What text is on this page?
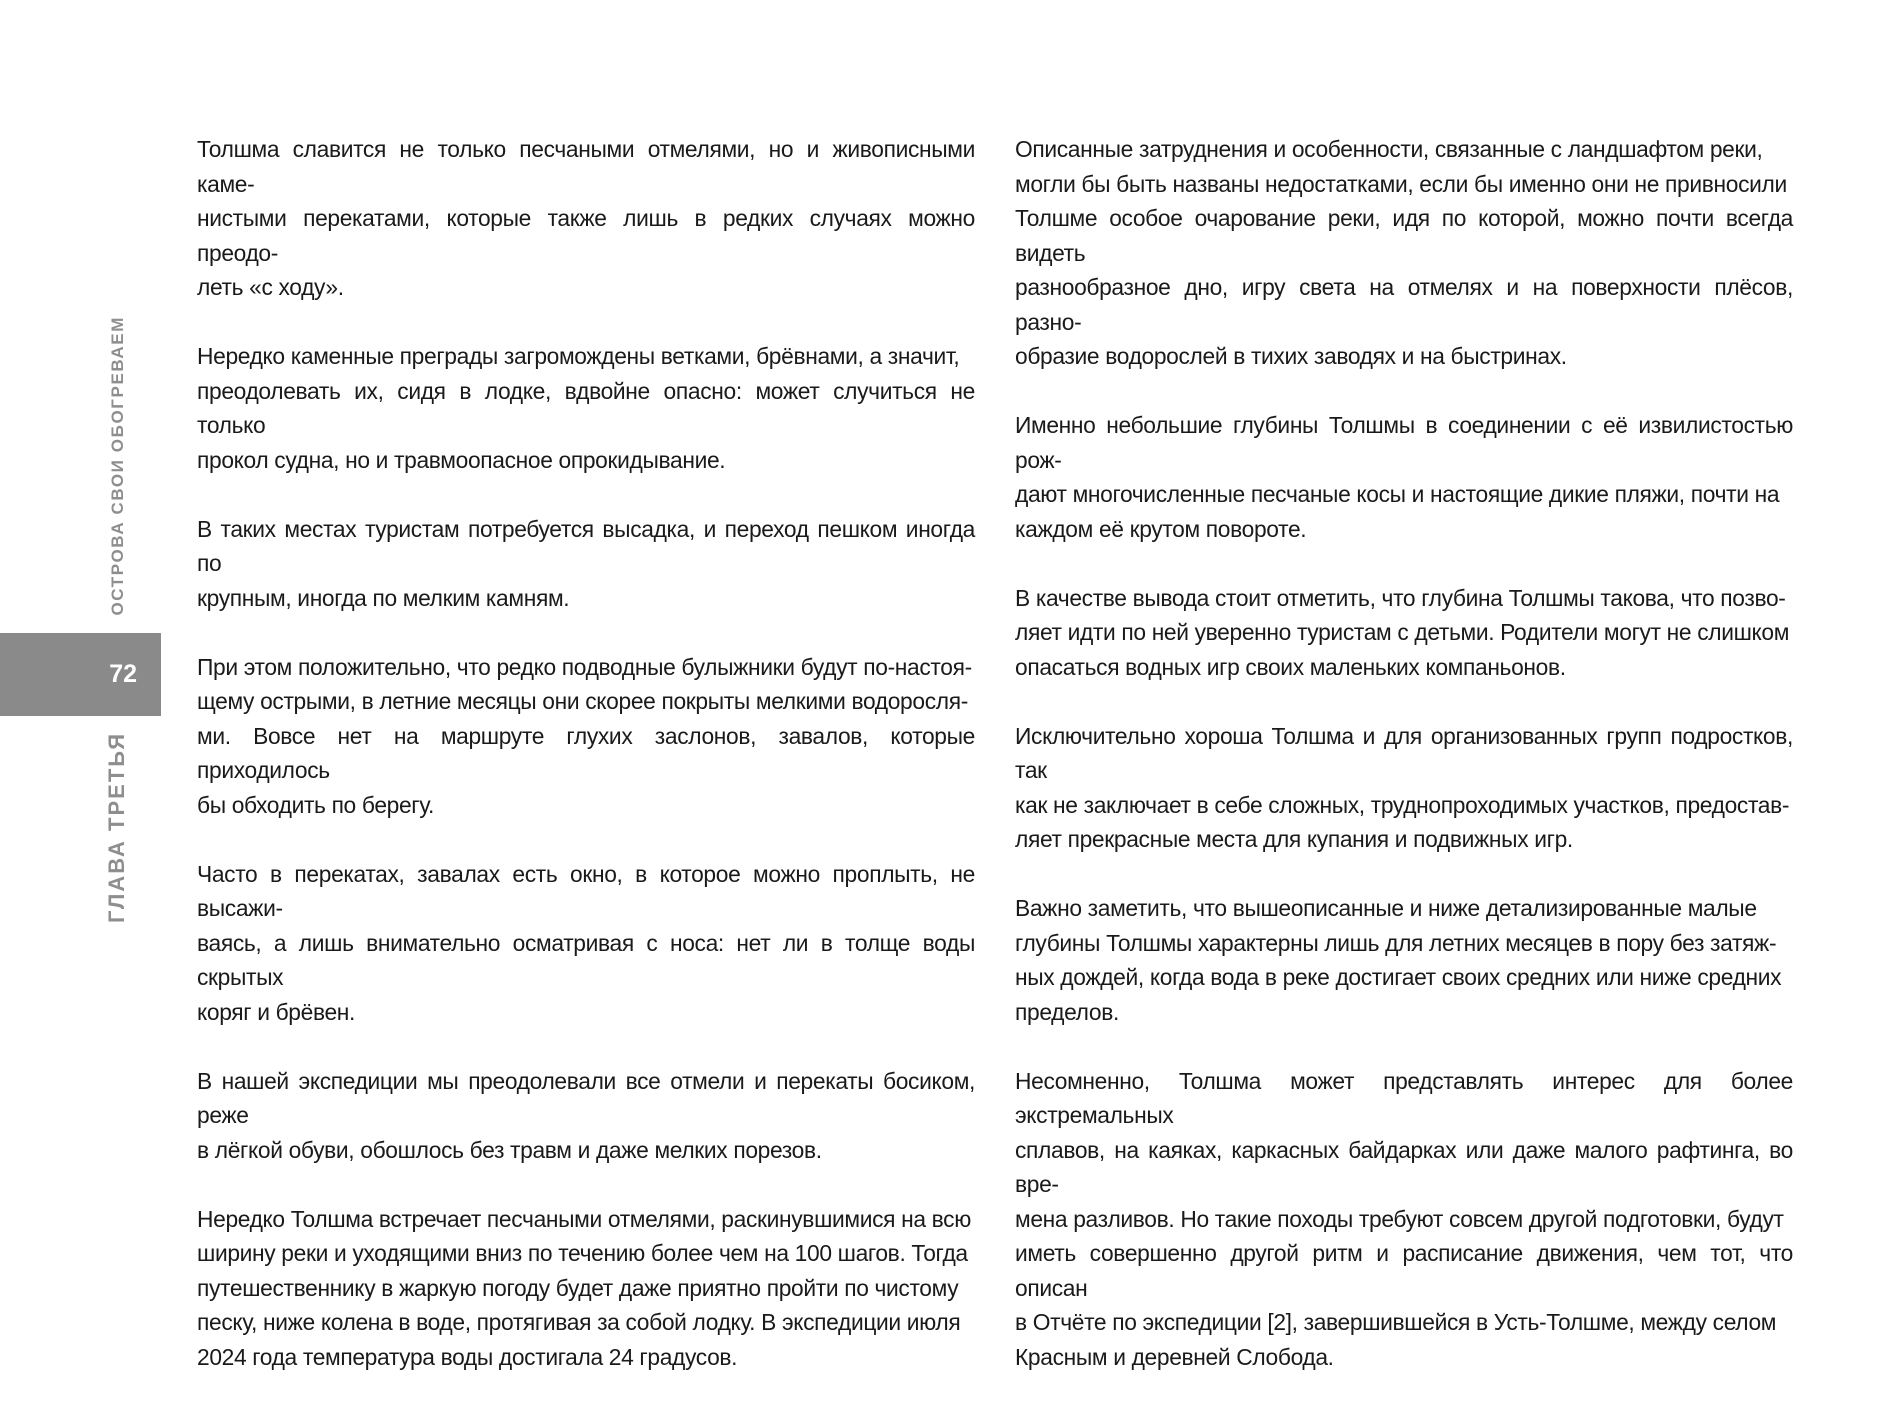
ОСТРОВА СВОИ ОБОГРЕВАЕМ
72
ГЛАВА ТРЕТЬЯ

Толшма славится не только песчаными отмелями, но и живописными каме-
нистыми перекатами, которые также лишь в редких случаях можно преодо-
леть «с ходу».

Нередко каменные преграды загромождены ветками, брёвнами, а значит,
преодолевать их, сидя в лодке, вдвойне опасно: может случиться не только
прокол судна, но и травмоопасное опрокидывание.

В таких местах туристам потребуется высадка, и переход пешком иногда по
крупным, иногда по мелким камням.

При этом положительно, что редко подводные булыжники будут по-настоя-
щему острыми, в летние месяцы они скорее покрыты мелкими водоросля-
ми. Вовсе нет на маршруте глухих заслонов, завалов, которые приходилось
бы обходить по берегу.

Часто в перекатах, завалах есть окно, в которое можно проплыть, не высажи-
ваясь, а лишь внимательно осматривая с носа: нет ли в толще воды скрытых
коряг и брёвен.

В нашей экспедиции мы преодолевали все отмели и перекаты босиком, реже
в лёгкой обуви, обошлось без травм и даже мелких порезов.

Нередко Толшма встречает песчаными отмелями, раскинувшимися на всю
ширину реки и уходящими вниз по течению более чем на 100 шагов. Тогда
путешественнику в жаркую погоду будет даже приятно пройти по чистому
песку, ниже колена в воде, протягивая за собой лодку. В экспедиции июля
2024 года температура воды достигала 24 градусов.

Описанные затруднения и особенности, связанные с ландшафтом реки,
могли бы быть названы недостатками, если бы именно они не привносили
Толшме особое очарование реки, идя по которой, можно почти всегда видеть
разнообразное дно, игру света на отмелях и на поверхности плёсов, разно-
образие водорослей в тихих заводях и на быстринах.

Именно небольшие глубины Толшмы в соединении с её извилистостью рож-
дают многочисленные песчаные косы и настоящие дикие пляжи, почти на
каждом её крутом повороте.

В качестве вывода стоит отметить, что глубина Толшмы такова, что позво-
ляет идти по ней уверенно туристам с детьми. Родители могут не слишком
опасаться водных игр своих маленьких компаньонов.

Исключительно хороша Толшма и для организованных групп подростков, так
как не заключает в себе сложных, труднопроходимых участков, предостав-
ляет прекрасные места для купания и подвижных игр.

Важно заметить, что вышеописанные и ниже детализированные малые
глубины Толшмы характерны лишь для летних месяцев в пору без затяж-
ных дождей, когда вода в реке достигает своих средних или ниже средних
пределов.

Несомненно, Толшма может представлять интерес для более экстремальных
сплавов, на каяках, каркасных байдарках или даже малого рафтинга, во вре-
мена разливов. Но такие походы требуют совсем другой подготовки, будут
иметь совершенно другой ритм и расписание движения, чем тот, что описан
в Отчёте по экспедиции [2], завершившейся в Усть-Толшме, между селом
Красным и деревней Слобода.
